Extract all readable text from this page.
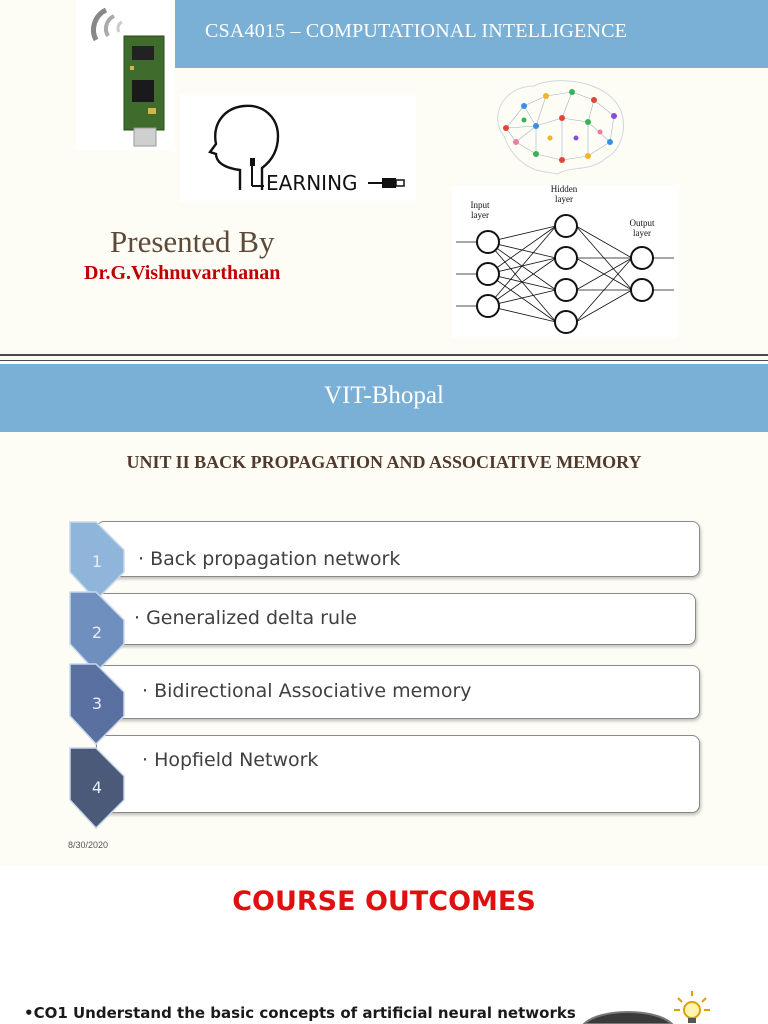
CSA4015 – COMPUTATIONAL INTELLIGENCE
EARNING
Input
layer
Hidden
layer
Output
layer
Presented By
Dr.G.Vishnuvarthanan
VIT-Bhopal
UNIT II BACK PROPAGATION AND ASSOCIATIVE MEMORY
· Back propagation network
· Generalized delta rule
· Bidirectional Associative memory
· Hopfield Network
1
2
3
4
8/30/2020
COURSE OUTCOMES
•CO1 Understand the basic concepts of artificial neural networks
